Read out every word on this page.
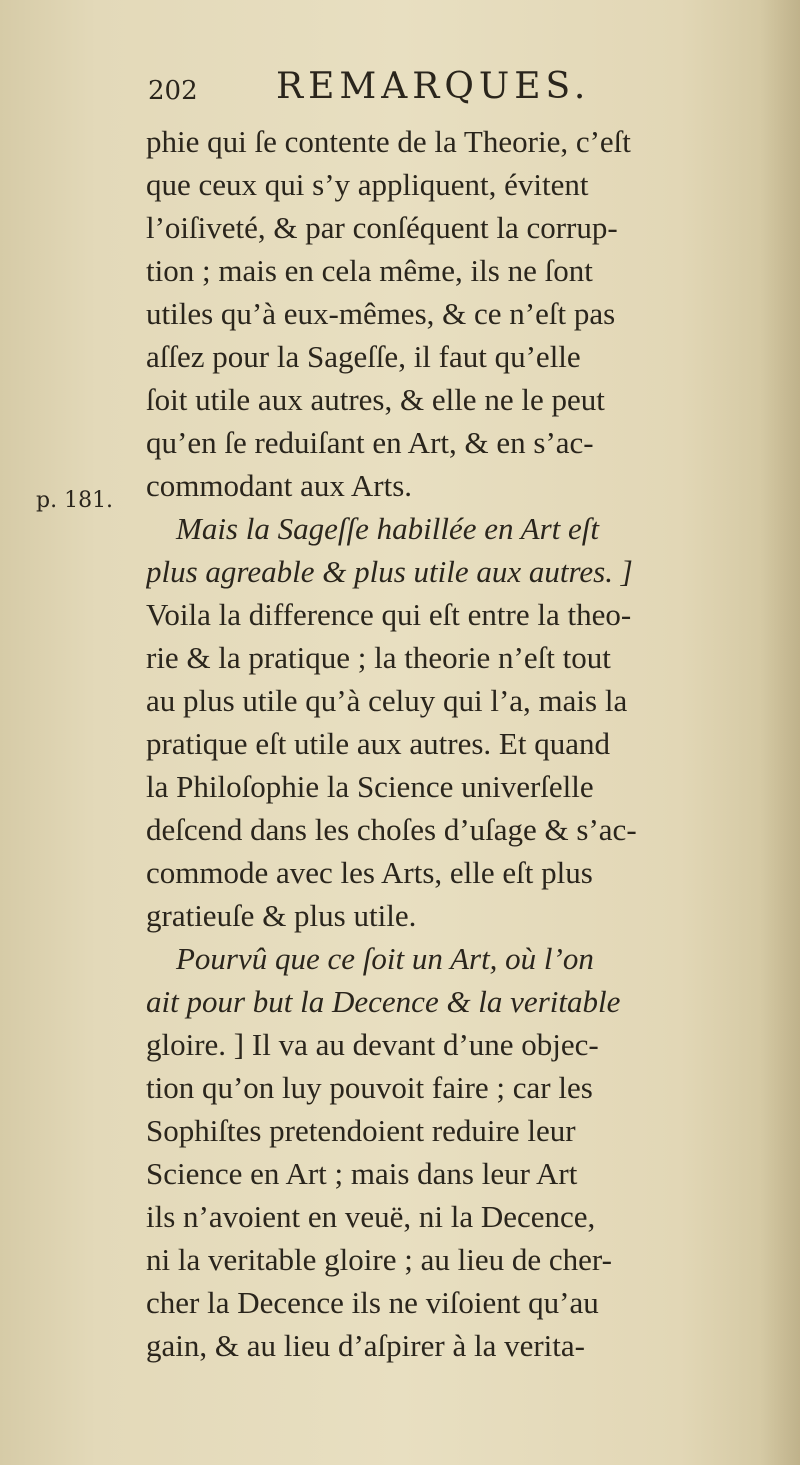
202 REMARQUES.
p. 181.
phie qui ſe contente de la Theorie, c’eſt
que ceux qui s’y appliquent, évitent
l’oiſiveté, & par conſéquent la corrup-
tion ; mais en cela même, ils ne ſont
utiles qu’à eux-mêmes, & ce n’eſt pas
aſſez pour la Sageſſe, il faut qu’elle
ſoit utile aux autres, & elle ne le peut
qu’en ſe reduiſant en Art, & en s’ac-
commodant aux Arts.
Mais la Sageſſe habillée en Art eſt
plus agreable & plus utile aux autres. ]
Voila la difference qui eſt entre la theo-
rie & la pratique ; la theorie n’eſt tout
au plus utile qu’à celuy qui l’a, mais la
pratique eſt utile aux autres. Et quand
la Philoſophie la Science univerſelle
deſcend dans les choſes d’uſage & s’ac-
commode avec les Arts, elle eſt plus
gratieuſe & plus utile.
Pourvû que ce ſoit un Art, où l’on
ait pour but la Decence & la veritable
gloire. ] Il va au devant d’une objec-
tion qu’on luy pouvoit faire ; car les
Sophiſtes pretendoient reduire leur
Science en Art ; mais dans leur Art
ils n’avoient en veuë, ni la Decence,
ni la veritable gloire ; au lieu de cher-
cher la Decence ils ne viſoient qu’au
gain, & au lieu d’aſpirer à la verita-
